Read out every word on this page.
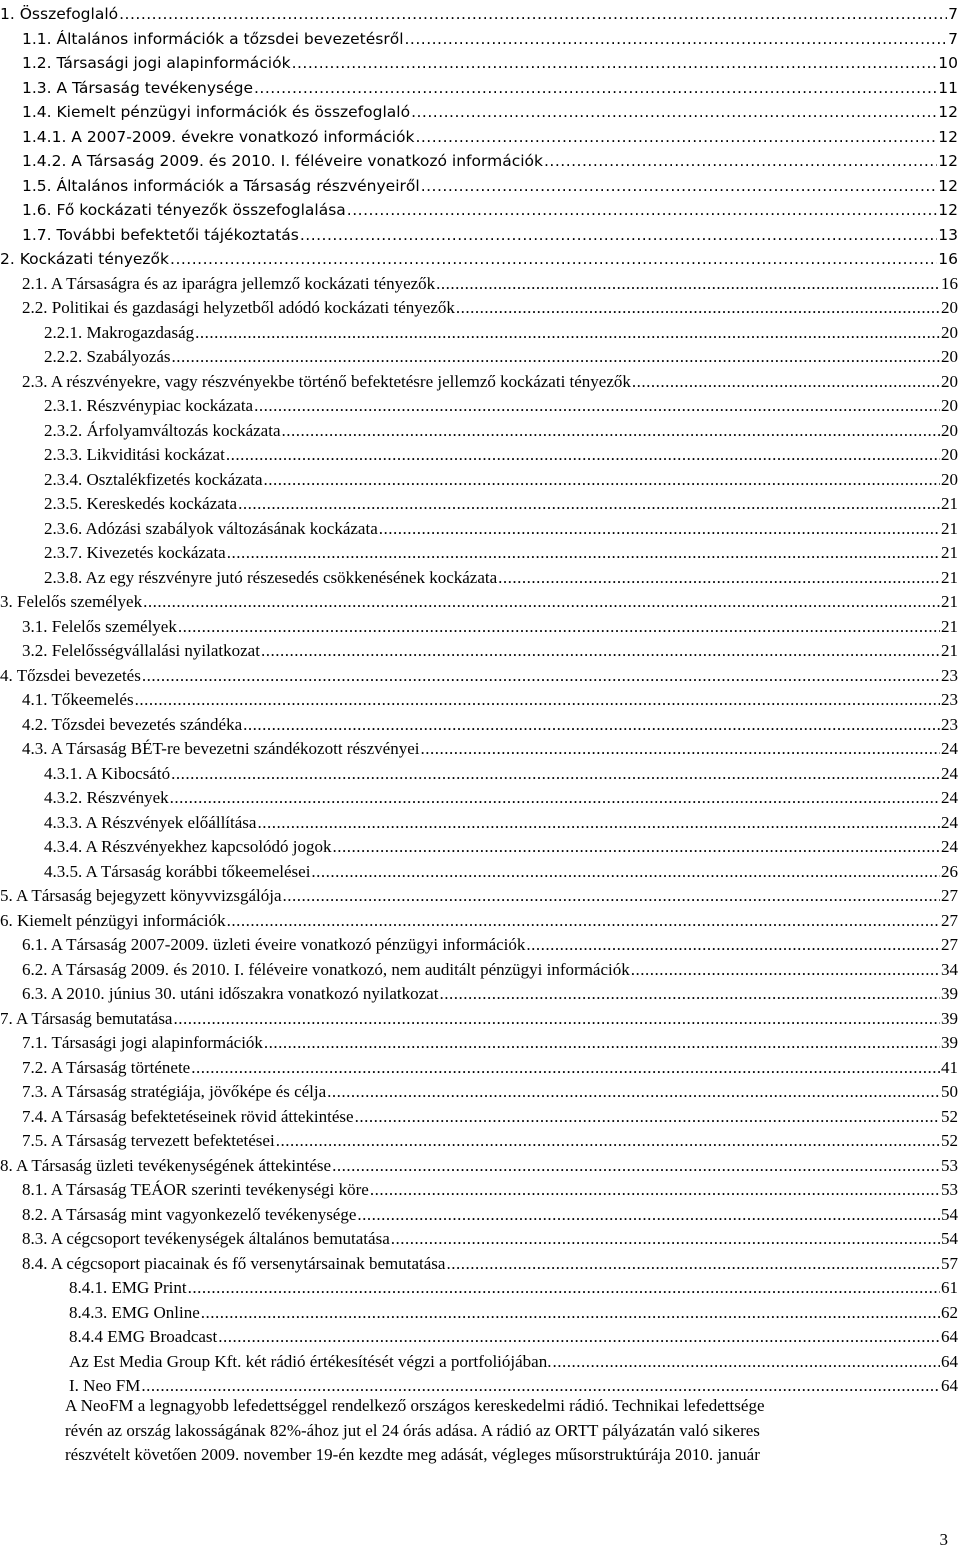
1. Összefoglaló .....	7
1.1. Általános információk a tőzsdei bevezetésről .....	7
1.2. Társasági jogi alapinformációk .....	10
1.3. A Társaság tevékenysége .....	11
1.4. Kiemelt pénzügyi információk és összefoglaló .....	12
1.4.1. A 2007-2009. évekre vonatkozó információk .....	12
1.4.2. A Társaság 2009. és 2010. I. féléveire vonatkozó információk .....	12
1.5. Általános információk a Társaság részvényeiről .....	12
1.6. Fő kockázati tényezők összefoglalása .....	12
1.7. További befektetői tájékoztatás .....	13
2. Kockázati tényezők .....	16
2.1. A Társaságra és az iparágra jellemző kockázati tényezők .....	16
2.2. Politikai és gazdasági helyzetből adódó kockázati tényezők .....	20
2.2.1. Makrogazdaság .....	20
2.2.2. Szabályozás .....	20
2.3. A részvényekre, vagy részvényekbe történő befektetésre jellemző kockázati tényezők .....	20
2.3.1. Részvénypiac kockázata .....	20
2.3.2. Árfolyamváltozás kockázata .....	20
2.3.3. Likviditási kockázat .....	20
2.3.4. Osztalékfizetés kockázata .....	20
2.3.5. Kereskedés kockázata .....	21
2.3.6. Adózási szabályok változásának kockázata .....	21
2.3.7. Kivezetés kockázata .....	21
2.3.8. Az egy részvényre jutó részesedés csökkenésének kockázata .....	21
3. Felelős személyek .....	21
3.1. Felelős személyek .....	21
3.2. Felelősségvállalási nyilatkozat .....	21
4. Tőzsdei bevezetés .....	23
4.1. Tőkeemelés .....	23
4.2. Tőzsdei bevezetés szándéka .....	23
4.3. A Társaság BÉT-re bevezetni szándékozott részvényei .....	24
4.3.1. A Kibocsátó .....	24
4.3.2. Részvények .....	24
4.3.3. A Részvények előállítása .....	24
4.3.4. A Részvényekhez kapcsolódó jogok .....	24
4.3.5. A Társaság korábbi tőkeemelései .....	26
5. A Társaság bejegyzett könyvvizsgálója .....	27
6. Kiemelt pénzügyi információk .....	27
6.1. A Társaság 2007-2009. üzleti éveire vonatkozó pénzügyi információk .....	27
6.2. A Társaság 2009. és 2010. I. féléveire vonatkozó, nem auditált pénzügyi információk .....	34
6.3. A 2010. június 30. utáni időszakra vonatkozó nyilatkozat .....	39
7. A Társaság bemutatása .....	39
7.1. Társasági jogi alapinformációk .....	39
7.2. A Társaság története .....	41
7.3. A Társaság stratégiája, jövőképe és célja .....	50
7.4. A Társaság befektetéseinek rövid áttekintése .....	52
7.5. A Társaság tervezett befektetései .....	52
8. A Társaság üzleti tevékenységének áttekintése .....	53
8.1. A Társaság TEÁOR szerinti tevékenységi köre .....	53
8.2. A Társaság mint vagyonkezelő tevékenysége .....	54
8.3. A cégcsoport tevékenységek általános bemutatása .....	54
8.4. A cégcsoport piacainak és fő versenytársainak bemutatása .....	57
8.4.1. EMG Print .....	61
8.4.3. EMG Online .....	62
8.4.4 EMG Broadcast .....	64
Az Est Media Group Kft. két rádió értékesítését végzi a portfoliójában. .....	64
I. Neo FM .....	64
A NeoFM a legnagyobb lefedettséggel rendelkező országos kereskedelmi rádió. Technikai lefedettsége
révén az ország lakosságának 82%-ához jut el 24 órás adása. A rádió az ORTT pályázatán való sikeres
részvételt követően 2009. november 19-én kezdte meg adását, végleges műsorstruktúrája 2010. január
3
